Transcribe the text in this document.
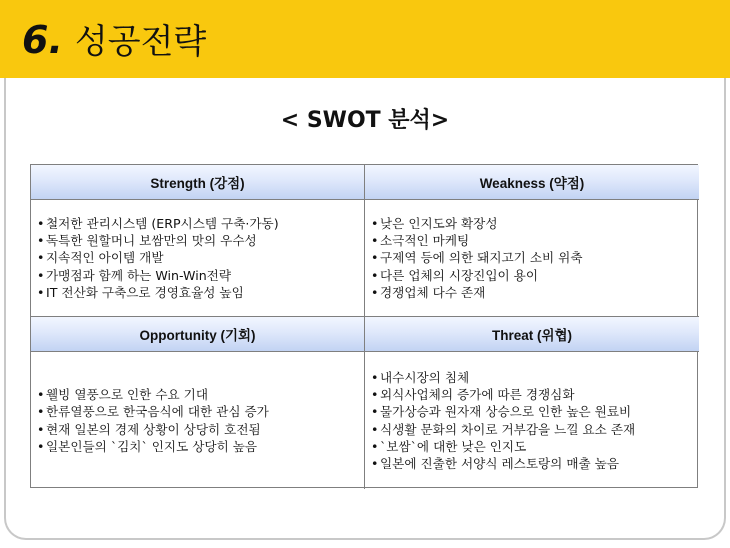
6. 성공전략
< SWOT 분석>
Strength (강점)	Weakness (약점)
• 철저한 관리시스템 (ERP시스템 구축·가동)
• 독특한 원할머니 보쌈만의 맛의 우수성
• 지속적인 아이템 개발
• 가맹점과 함께 하는 Win-Win전략
• IT 전산화 구축으로 경영효율성 높임
• 낮은 인지도와 확장성
• 소극적인 마케팅
• 구제역 등에 의한 돼지고기 소비 위축
• 다른 업체의 시장진입이 용이
• 경쟁업체 다수 존재
Opportunity (기회)	Threat (위협)
• 웰빙 열풍으로 인한 수요 기대
• 한류열풍으로 한국음식에 대한 관심 증가
• 현재 일본의 경제 상황이 상당히 호전됨
• 일본인들의 `김치` 인지도 상당히 높음
• 내수시장의 침체
• 외식사업체의 증가에 따른 경쟁심화
• 물가상승과 원자재 상승으로 인한 높은 원료비
• 식생활 문화의 차이로 거부감을 느낄 요소 존재
• `보쌈`에 대한 낮은 인지도
• 일본에 진출한 서양식 레스토랑의 매출 높음
